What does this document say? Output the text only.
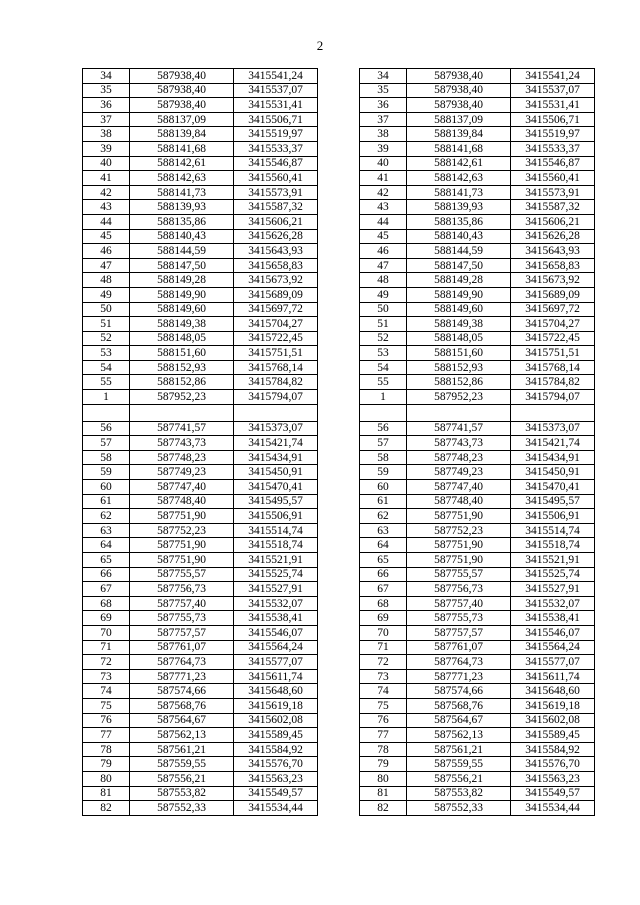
2
34	587938,40	3415541,24
35	587938,40	3415537,07
36	587938,40	3415531,41
37	588137,09	3415506,71
38	588139,84	3415519,97
39	588141,68	3415533,37
40	588142,61	3415546,87
41	588142,63	3415560,41
42	588141,73	3415573,91
43	588139,93	3415587,32
44	588135,86	3415606,21
45	588140,43	3415626,28
46	588144,59	3415643,93
47	588147,50	3415658,83
48	588149,28	3415673,92
49	588149,90	3415689,09
50	588149,60	3415697,72
51	588149,38	3415704,27
52	588148,05	3415722,45
53	588151,60	3415751,51
54	588152,93	3415768,14
55	588152,86	3415784,82
1	587952,23	3415794,07

56	587741,57	3415373,07
57	587743,73	3415421,74
58	587748,23	3415434,91
59	587749,23	3415450,91
60	587747,40	3415470,41
61	587748,40	3415495,57
62	587751,90	3415506,91
63	587752,23	3415514,74
64	587751,90	3415518,74
65	587751,90	3415521,91
66	587755,57	3415525,74
67	587756,73	3415527,91
68	587757,40	3415532,07
69	587755,73	3415538,41
70	587757,57	3415546,07
71	587761,07	3415564,24
72	587764,73	3415577,07
73	587771,23	3415611,74
74	587574,66	3415648,60
75	587568,76	3415619,18
76	587564,67	3415602,08
77	587562,13	3415589,45
78	587561,21	3415584,92
79	587559,55	3415576,70
80	587556,21	3415563,23
81	587553,82	3415549,57
82	587552,33	3415534,44
34	587938,40	3415541,24
35	587938,40	3415537,07
36	587938,40	3415531,41
37	588137,09	3415506,71
38	588139,84	3415519,97
39	588141,68	3415533,37
40	588142,61	3415546,87
41	588142,63	3415560,41
42	588141,73	3415573,91
43	588139,93	3415587,32
44	588135,86	3415606,21
45	588140,43	3415626,28
46	588144,59	3415643,93
47	588147,50	3415658,83
48	588149,28	3415673,92
49	588149,90	3415689,09
50	588149,60	3415697,72
51	588149,38	3415704,27
52	588148,05	3415722,45
53	588151,60	3415751,51
54	588152,93	3415768,14
55	588152,86	3415784,82
1	587952,23	3415794,07

56	587741,57	3415373,07
57	587743,73	3415421,74
58	587748,23	3415434,91
59	587749,23	3415450,91
60	587747,40	3415470,41
61	587748,40	3415495,57
62	587751,90	3415506,91
63	587752,23	3415514,74
64	587751,90	3415518,74
65	587751,90	3415521,91
66	587755,57	3415525,74
67	587756,73	3415527,91
68	587757,40	3415532,07
69	587755,73	3415538,41
70	587757,57	3415546,07
71	587761,07	3415564,24
72	587764,73	3415577,07
73	587771,23	3415611,74
74	587574,66	3415648,60
75	587568,76	3415619,18
76	587564,67	3415602,08
77	587562,13	3415589,45
78	587561,21	3415584,92
79	587559,55	3415576,70
80	587556,21	3415563,23
81	587553,82	3415549,57
82	587552,33	3415534,44
